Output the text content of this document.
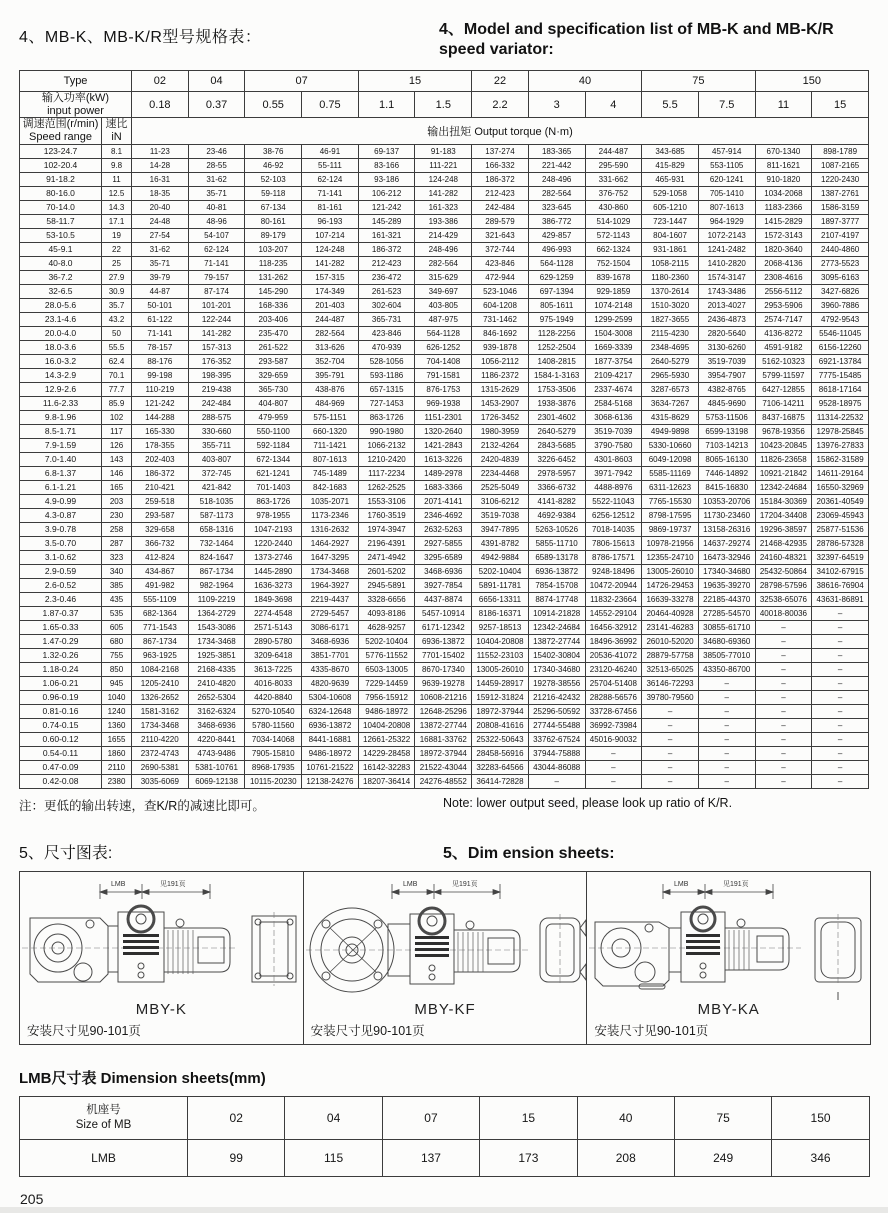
4、MB-K、MB-K/R型号规格表：	4、Model and specification list of MB-K and MB-K/R speed variator:
Type		02	04	07		15		22	40		75		150	

输入功率(kW)
input power		0.18	0.37	0.55	0.75	1.1	1.5	2.2	3	4	5.5	7.5	11	15

调速范围(r/min)
Speed range

速比
iN	输出扭矩 Output torque (N·m)
123-24.7	8.1	11-23	23-46	38-76	46-91	69-137	91-183	137-274	183-365	244-487	343-685	457-914	670-1340	898-1789
102-20.4	9.8	14-28	28-55	46-92	55-111	83-166	111-221	166-332	221-442	295-590	415-829	553-1105	811-1621	1087-2165
91-18.2	11	16-31	31-62	52-103	62-124	93-186	124-248	186-372	248-496	331-662	465-931	620-1241	910-1820	1220-2430
80-16.0	12.5	18-35	35-71	59-118	71-141	106-212	141-282	212-423	282-564	376-752	529-1058	705-1410	1034-2068	1387-2761
70-14.0	14.3	20-40	40-81	67-134	81-161	121-242	161-323	242-484	323-645	430-860	605-1210	807-1613	1183-2366	1586-3159
58-11.7	17.1	24-48	48-96	80-161	96-193	145-289	193-386	289-579	386-772	514-1029	723-1447	964-1929	1415-2829	1897-3777
53-10.5	19	27-54	54-107	89-179	107-214	161-321	214-429	321-643	429-857	572-1143	804-1607	1072-2143	1572-3143	2107-4197
45-9.1	22	31-62	62-124	103-207	124-248	186-372	248-496	372-744	496-993	662-1324	931-1861	1241-2482	1820-3640	2440-4860
40-8.0	25	35-71	71-141	118-235	141-282	212-423	282-564	423-846	564-1128	752-1504	1058-2115	1410-2820	2068-4136	2773-5523
36-7.2	27.9	39-79	79-157	131-262	157-315	236-472	315-629	472-944	629-1259	839-1678	1180-2360	1574-3147	2308-4616	3095-6163
32-6.5	30.9	44-87	87-174	145-290	174-349	261-523	349-697	523-1046	697-1394	929-1859	1370-2614	1743-3486	2556-5112	3427-6826
28.0-5.6	35.7	50-101	101-201	168-336	201-403	302-604	403-805	604-1208	805-1611	1074-2148	1510-3020	2013-4027	2953-5906	3960-7886
23.1-4.6	43.2	61-122	122-244	203-406	244-487	365-731	487-975	731-1462	975-1949	1299-2599	1827-3655	2436-4873	2574-7147	4792-9543
20.0-4.0	50	71-141	141-282	235-470	282-564	423-846	564-1128	846-1692	1128-2256	1504-3008	2115-4230	2820-5640	4136-8272	5546-11045
18.0-3.6	55.5	78-157	157-313	261-522	313-626	470-939	626-1252	939-1878	1252-2504	1669-3339	2348-4695	3130-6260	4591-9182	6156-12260
16.0-3.2	62.4	88-176	176-352	293-587	352-704	528-1056	704-1408	1056-2112	1408-2815	1877-3754	2640-5279	3519-7039	5162-10323	6921-13784
14.3-2.9	70.1	99-198	198-395	329-659	395-791	593-1186	791-1581	1186-2372	1584-1-3163	2109-4217	2965-5930	3954-7907	5799-11597	7775-15485
12.9-2.6	77.7	110-219	219-438	365-730	438-876	657-1315	876-1753	1315-2629	1753-3506	2337-4674	3287-6573	4382-8765	6427-12855	8618-17164
11.6-2.33	85.9	121-242	242-484	404-807	484-969	727-1453	969-1938	1453-2907	1938-3876	2584-5168	3634-7267	4845-9690	7106-14211	9528-18975
9.8-1.96	102	144-288	288-575	479-959	575-1151	863-1726	1151-2301	1726-3452	2301-4602	3068-6136	4315-8629	5753-11506	8437-16875	11314-22532
8.5-1.71	117	165-330	330-660	550-1100	660-1320	990-1980	1320-2640	1980-3959	2640-5279	3519-7039	4949-9898	6599-13198	9678-19356	12978-25845
7.9-1.59	126	178-355	355-711	592-1184	711-1421	1066-2132	1421-2843	2132-4264	2843-5685	3790-7580	5330-10660	7103-14213	10423-20845	13976-27833
7.0-1.40	143	202-403	403-807	672-1344	807-1613	1210-2420	1613-3226	2420-4839	3226-6452	4301-8603	6049-12098	8065-16130	11826-23658	15862-31589
6.8-1.37	146	186-372	372-745	621-1241	745-1489	1117-2234	1489-2978	2234-4468	2978-5957	3971-7942	5585-11169	7446-14892	10921-21842	14611-29164
6.1-1.21	165	210-421	421-842	701-1403	842-1683	1262-2525	1683-3366	2525-5049	3366-6732	4488-8976	6311-12623	8415-16830	12342-24684	16550-32969
4.9-0.99	203	259-518	518-1035	863-1726	1035-2071	1553-3106	2071-4141	3106-6212	4141-8282	5522-11043	7765-15530	10353-20706	15184-30369	20361-40549
4.3-0.87	230	293-587	587-1173	978-1955	1173-2346	1760-3519	2346-4692	3519-7038	4692-9384	6256-12512	8798-17595	11730-23460	17204-34408	23069-45943
3.9-0.78	258	329-658	658-1316	1047-2193	1316-2632	1974-3947	2632-5263	3947-7895	5263-10526	7018-14035	9869-19737	13158-26316	19296-38597	25877-51536
3.5-0.70	287	366-732	732-1464	1220-2440	1464-2927	2196-4391	2927-5855	4391-8782	5855-11710	7806-15613	10978-21956	14637-29274	21468-42935	28786-57328
3.1-0.62	323	412-824	824-1647	1373-2746	1647-3295	2471-4942	3295-6589	4942-9884	6589-13178	8786-17571	12355-24710	16473-32946	24160-48321	32397-64519
2.9-0.59	340	434-867	867-1734	1445-2890	1734-3468	2601-5202	3468-6936	5202-10404	6936-13872	9248-18496	13005-26010	17340-34680	25432-50864	34102-67915
2.6-0.52	385	491-982	982-1964	1636-3273	1964-3927	2945-5891	3927-7854	5891-11781	7854-15708	10472-20944	14726-29453	19635-39270	28798-57596	38616-76904
2.3-0.46	435	555-1109	1109-2219	1849-3698	2219-4437	3328-6656	4437-8874	6656-13311	8874-17748	11832-23664	16639-33278	22185-44370	32538-65076	43631-86891
1.87-0.37	535	682-1364	1364-2729	2274-4548	2729-5457	4093-8186	5457-10914	8186-16371	10914-21828	14552-29104	20464-40928	27285-54570	40018-80036	–
1.65-0.33	605	771-1543	1543-3086	2571-5143	3086-6171	4628-9257	6171-12342	9257-18513	12342-24684	16456-32912	23141-46283	30855-61710	–	–
1.47-0.29	680	867-1734	1734-3468	2890-5780	3468-6936	5202-10404	6936-13872	10404-20808	13872-27744	18496-36992	26010-52020	34680-69360	–	–
1.32-0.26	755	963-1925	1925-3851	3209-6418	3851-7701	5776-11552	7701-15402	11552-23103	15402-30804	20536-41072	28879-57758	38505-77010	–	–
1.18-0.24	850	1084-2168	2168-4335	3613-7225	4335-8670	6503-13005	8670-17340	13005-26010	17340-34680	23120-46240	32513-65025	43350-86700	–	–
1.06-0.21	945	1205-2410	2410-4820	4016-8033	4820-9639	7229-14459	9639-19278	14459-28917	19278-38556	25704-51408	36146-72293	–	–	–
0.96-0.19	1040	1326-2652	2652-5304	4420-8840	5304-10608	7956-15912	10608-21216	15912-31824	21216-42432	28288-56576	39780-79560	–	–	–
0.81-0.16	1240	1581-3162	3162-6324	5270-10540	6324-12648	9486-18972	12648-25296	18972-37944	25296-50592	33728-67456	–	–	–	–
0.74-0.15	1360	1734-3468	3468-6936	5780-11560	6936-13872	10404-20808	13872-27744	20808-41616	27744-55488	36992-73984	–	–	–	–
0.60-0.12	1655	2110-4220	4220-8441	7034-14068	8441-16881	12661-25322	16881-33762	25322-50643	33762-67524	45016-90032	–	–	–	–
0.54-0.11	1860	2372-4743	4743-9486	7905-15810	9486-18972	14229-28458	18972-37944	28458-56916	37944-75888	–	–	–	–	–
0.47-0.09	2110	2690-5381	5381-10761	8968-17935	10761-21522	16142-32283	21522-43044	32283-64566	43044-86088	–	–	–	–	–
0.42-0.08	2380	3035-6069	6069-12138	10115-20230	12138-24276	18207-36414	24276-48552	36414-72828	–	–	–	–	–	–
注：更低的输出转速，查K/R的减速比即可。	Note: lower output seed, please look up ratio of K/R.
5、尺寸图表:	5、Dim ension sheets:
LMB	见191页
MBY-K
安装尺寸见90-101页
LMB	见191页
MBY-KF
安装尺寸见90-101页
LMB	见191页
MBY-KA
安装尺寸见90-101页
LMB尺寸表 Dimension sheets(mm)
机座号
Size of MB	02	04	07	15	40	75	150
LMB	99	115	137	173	208	249	346
205
